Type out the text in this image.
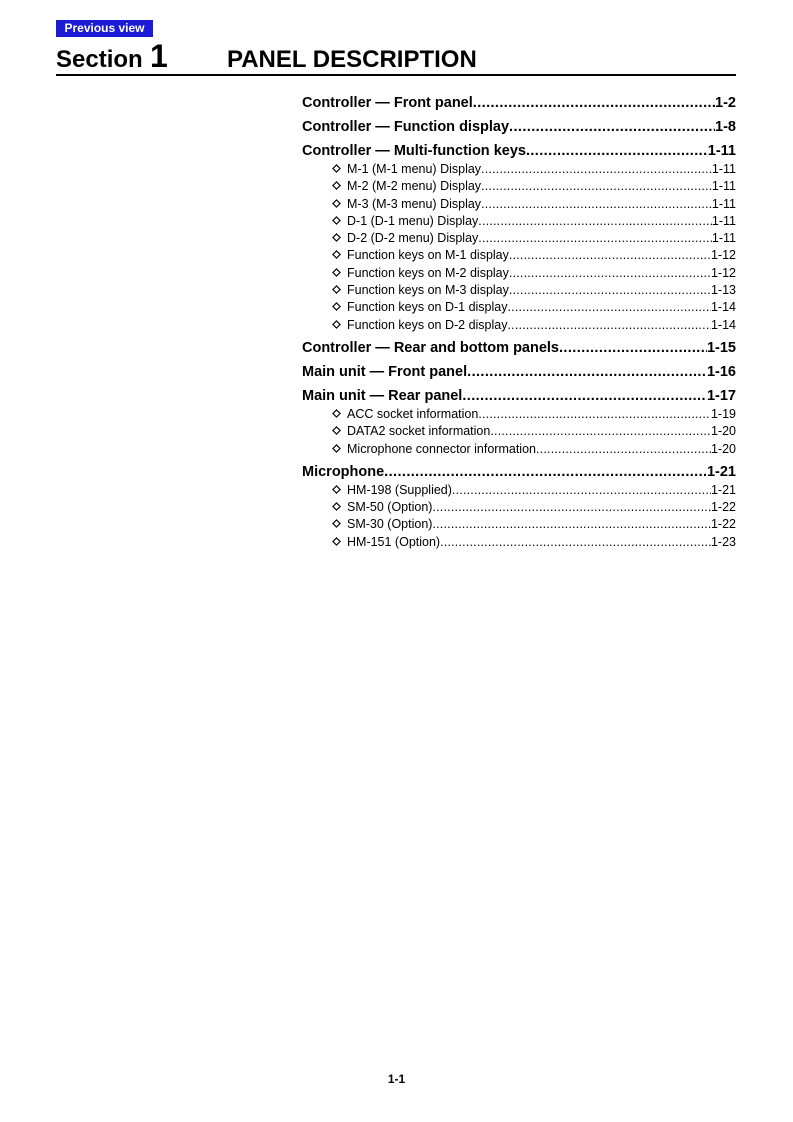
Previous view
Section 1 PANEL DESCRIPTION
Controller — Front panel .....	1-2
Controller — Function display .....	1-8
Controller — Multi-function keys .....	1-11
M-1 (M-1 menu) Display .....	1-11
M-2 (M-2 menu) Display .....	1-11
M-3 (M-3 menu) Display .....	1-11
D-1 (D-1 menu) Display .....	1-11
D-2 (D-2 menu) Display .....	1-11
Function keys on M-1 display .....	1-12
Function keys on M-2 display .....	1-12
Function keys on M-3 display .....	1-13
Function keys on D-1 display .....	1-14
Function keys on D-2 display .....	1-14
Controller — Rear and bottom panels .....	1-15
Main unit — Front panel .....	1-16
Main unit — Rear panel .....	1-17
ACC socket information .....	1-19
DATA2 socket information .....	1-20
Microphone connector information .....	1-20
Microphone .....	1-21
HM-198 (Supplied) .....	1-21
SM-50 (Option) .....	1-22
SM-30 (Option) .....	1-22
HM-151 (Option) .....	1-23
1-1
